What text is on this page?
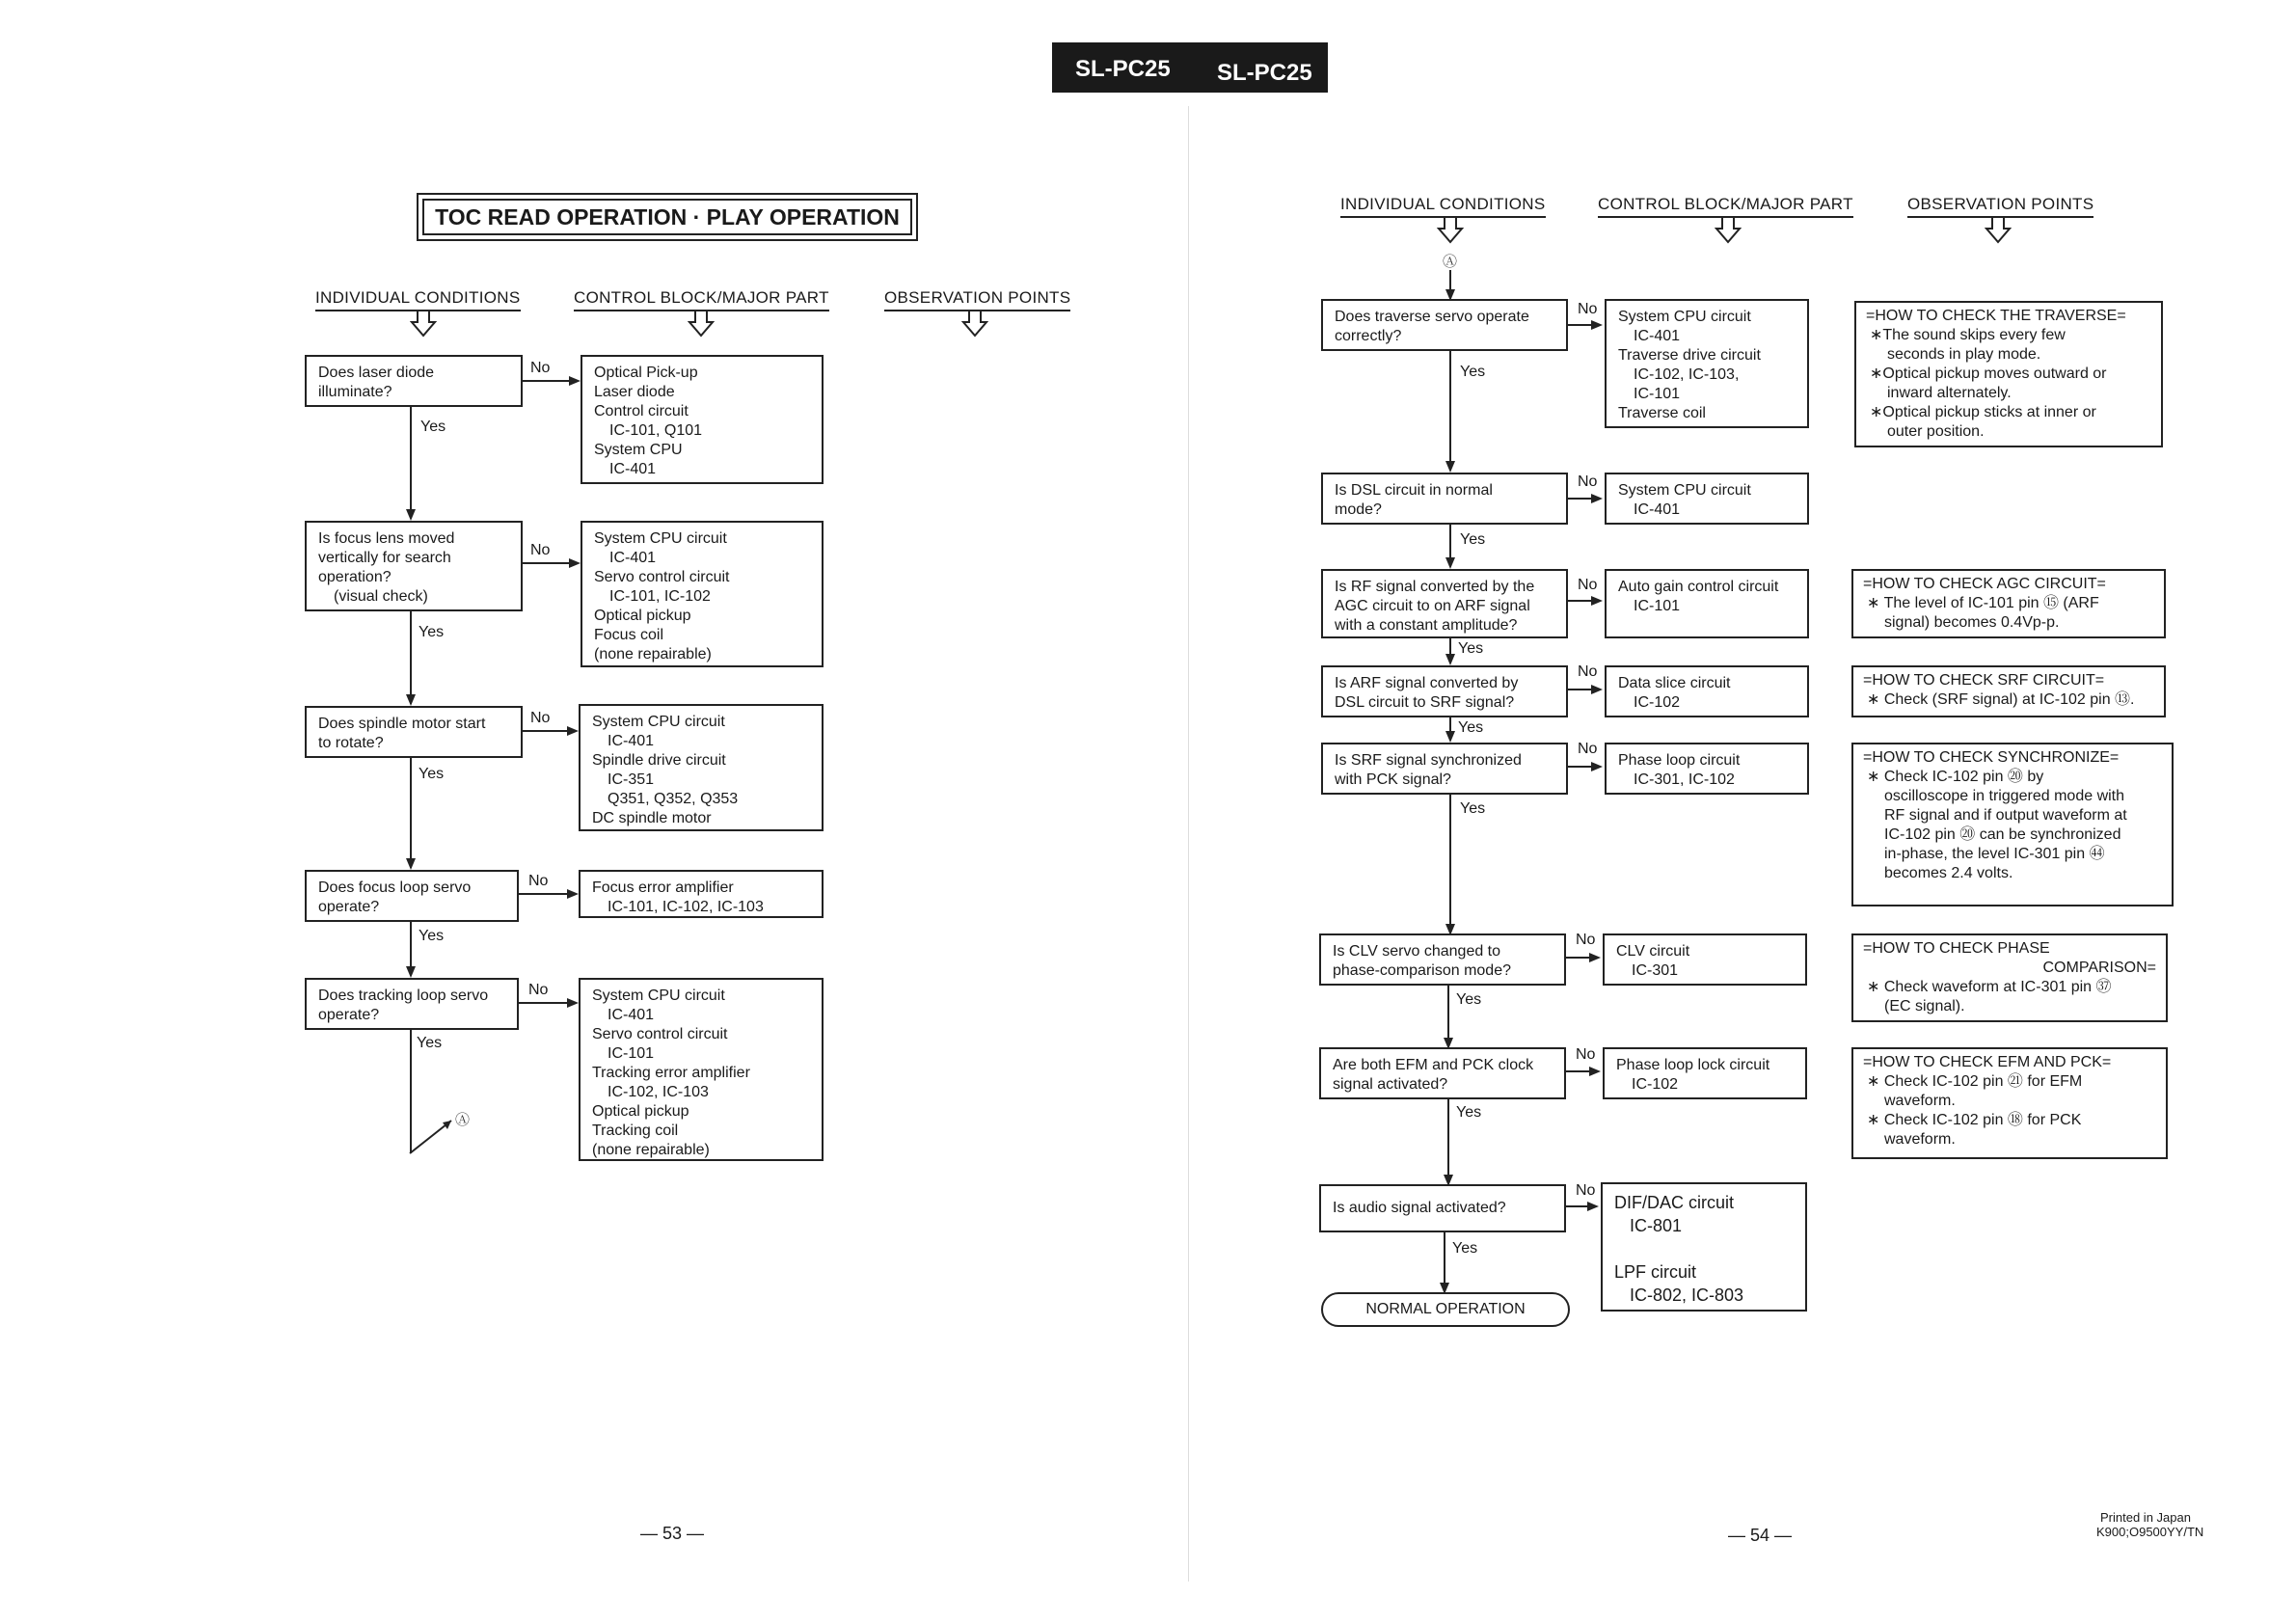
SL-PC25 SL-PC25
TOC READ OPERATION · PLAY OPERATION
INDIVIDUAL CONDITIONS	CONTROL BLOCK/MAJOR PART	OBSERVATION POINTS
Does laser diode
illuminate?
No	Optical Pick-up
Laser diode
Control circuit
IC-101, Q101
System CPU
IC-401
Yes
Is focus lens moved
vertically for search
operation?
(visual check)
No
System CPU circuit
IC-401
Servo control circuit
IC-101, IC-102
Optical pickup
Focus coil
(none repairable)
Yes
Does spindle motor start
to rotate?
No	System CPU circuit
IC-401
Spindle drive circuit
IC-351
Q351, Q352, Q353
DC spindle motor
Yes
Does focus loop servo
operate?
No	Focus error amplifier
IC-101, IC-102, IC-103
Yes
Does tracking loop servo
operate?
No	System CPU circuit
IC-401
Servo control circuit
IC-101
Tracking error amplifier
IC-102, IC-103
Optical pickup
Tracking coil
(none repairable)
Yes
Ⓐ
— 53 —
INDIVIDUAL CONDITIONS	CONTROL BLOCK/MAJOR PART	OBSERVATION POINTS
Ⓐ
Does traverse servo operate
correctly?
No System CPU circuit
IC-401
Traverse drive circuit
IC-102, IC-103,
IC-101
Traverse coil
=HOW TO CHECK THE TRAVERSE=
∗The sound skips every few
seconds in play mode.
∗Optical pickup moves outward or
inward alternately.
∗Optical pickup sticks at inner or
outer position.
Yes
Is DSL circuit in normal
mode?
No
System CPU circuit
IC-401
Yes
Is RF signal converted by the
AGC circuit to on ARF signal
with a constant amplitude?
No Auto gain control circuit
IC-101
=HOW TO CHECK AGC CIRCUIT=
∗ The level of IC-101 pin ⑮ (ARF
signal) becomes 0.4Vp-p.
Yes
Is ARF signal converted by
DSL circuit to SRF signal?
No
Data slice circuit
IC-102
=HOW TO CHECK SRF CIRCUIT=
∗ Check (SRF signal) at IC-102 pin ⑬.
Yes
Is SRF signal synchronized
with PCK signal?
No
Phase loop circuit
IC-301, IC-102
=HOW TO CHECK SYNCHRONIZE=
∗ Check IC-102 pin ⑳ by
oscilloscope in triggered mode with
RF signal and if output waveform at
IC-102 pin ⑳ can be synchronized
in-phase, the level IC-301 pin ㊹
becomes 2.4 volts.
Yes
Is CLV servo changed to
phase-comparison mode?
No
CLV circuit
IC-301
=HOW TO CHECK PHASE
COMPARISON=
∗ Check waveform at IC-301 pin ㊲
(EC signal).
Yes
Are both EFM and PCK clock
signal activated?
No
Phase loop lock circuit
IC-102
=HOW TO CHECK EFM AND PCK=
∗ Check IC-102 pin ㉑ for EFM
waveform.
∗ Check IC-102 pin ⑱ for PCK
waveform.
Yes
Is audio signal activated?
No
DIF/DAC circuit
IC-801
LPF circuit
IC-802, IC-803
Yes
NORMAL OPERATION
— 54 —
Printed in Japan
K900;O9500YY/TN
